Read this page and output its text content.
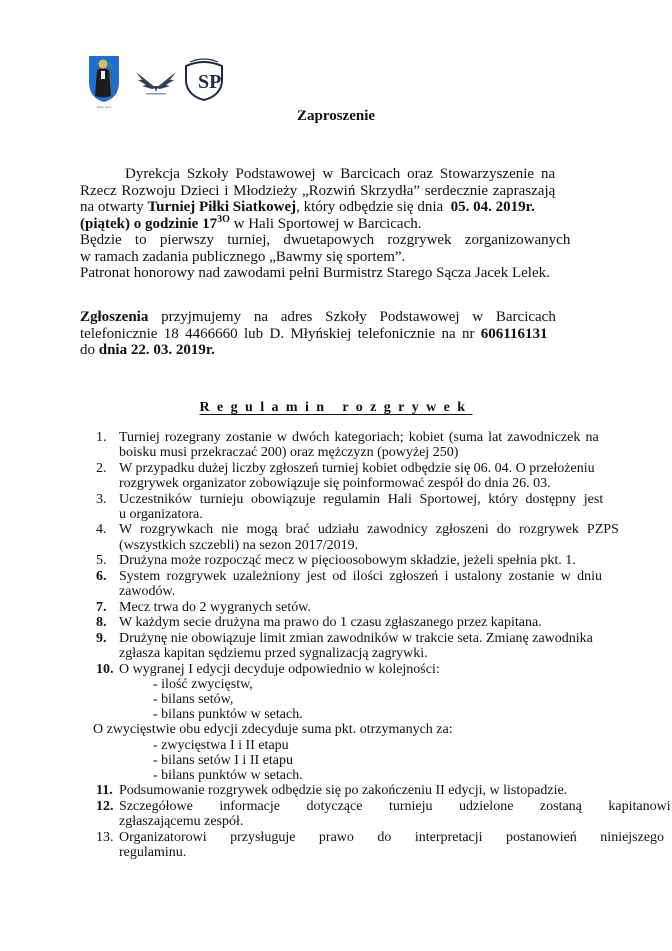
Stary Sącz
SP
Zaproszenie
Dyrekcja Szkoły Podstawowej w Barcicach oraz Stowarzyszenie na
Rzecz Rozwoju Dzieci i Młodzieży „Rozwiń Skrzydła” serdecznie zapraszają
na otwarty Turniej Piłki Siatkowej, który odbędzie się dnia  05. 04. 2019r.
(piątek) o godzinie $17^{3O}$ w Hali Sportowej w Barcicach.
Będzie to pierwszy turniej, dwuetapowych rozgrywek zorganizowanych
w ramach zadania publicznego „Bawmy się sportem”.
Patronat honorowy nad zawodami pełni Burmistrz Starego Sącza Jacek Lelek.
Zgłoszenia przyjmujemy na adres Szkoły Podstawowej w Barcicach
telefonicznie 18 4466660 lub D. Młyńskiej telefonicznie na nr 606116131
do dnia 22. 03. 2019r.
Regulamin rozgrywek
1. Turniej rozegrany zostanie w dwóch kategoriach; kobiet (suma lat zawodniczek na
boisku musi przekraczać 200) oraz mężczyzn (powyżej 250)
2. W przypadku dużej liczby zgłoszeń turniej kobiet odbędzie się 06. 04. O przełożeniu
rozgrywek organizator zobowiązuje się poinformować zespół do dnia 26. 03.
3. Uczestników turnieju obowiązuje regulamin Hali Sportowej, który dostępny jest
u organizatora.
4. W rozgrywkach nie mogą brać udziału zawodnicy zgłoszeni do rozgrywek PZPS
(wszystkich szczebli) na sezon 2017/2019.
5. Drużyna może rozpocząć mecz w pięcioosobowym składzie, jeżeli spełnia pkt. 1.
6. System rozgrywek uzależniony jest od ilości zgłoszeń i ustalony zostanie w dniu
zawodów.
7. Mecz trwa do 2 wygranych setów.
8. W każdym secie drużyna ma prawo do 1 czasu zgłaszanego przez kapitana.
9. Drużynę nie obowiązuje limit zmian zawodników w trakcie seta. Zmianę zawodnika
zgłasza kapitan sędziemu przed sygnalizacją zagrywki.
10. O wygranej I edycji decyduje odpowiednio w kolejności:
- ilość zwycięstw,
- bilans setów,
- bilans punktów w setach.
O zwycięstwie obu edycji zdecyduje suma pkt. otrzymanych za:
- zwycięstwa I i II etapu
- bilans setów I i II etapu
- bilans punktów w setach.
11. Podsumowanie rozgrywek odbędzie się po zakończeniu II edycji, w listopadzie.
12. Szczegółowe informacje dotyczące turnieju udzielone zostaną kapitanowi
zgłaszającemu zespół.
13. Organizatorowi przysługuje prawo do interpretacji postanowień niniejszego
regulaminu.
